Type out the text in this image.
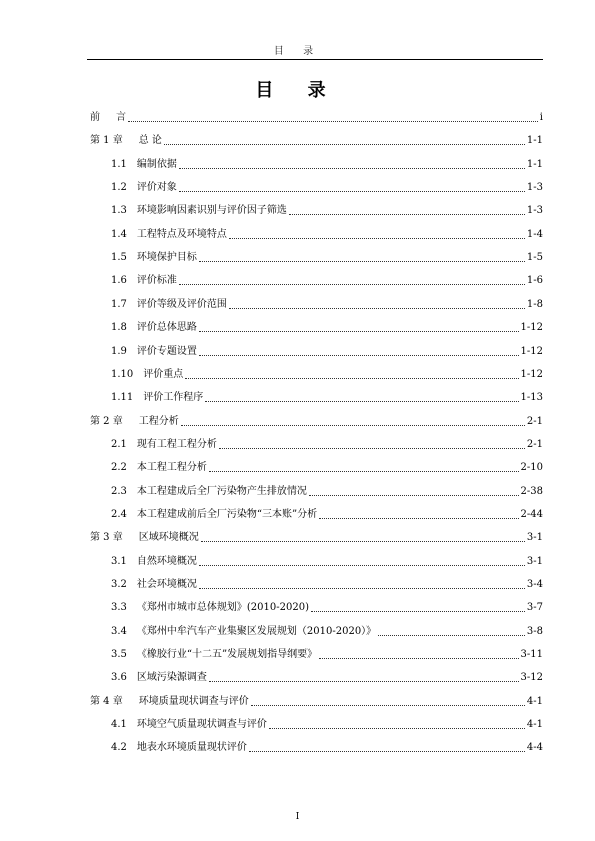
目 录
目 录
前 言	i
第 1 章 总 论	1-1
1.1 编制依据	1-1
1.2 评价对象	1-3
1.3 环境影响因素识别与评价因子筛选	1-3
1.4 工程特点及环境特点	1-4
1.5 环境保护目标	1-5
1.6 评价标准	1-6
1.7 评价等级及评价范围	1-8
1.8 评价总体思路	1-12
1.9 评价专题设置	1-12
1.10 评价重点	1-12
1.11 评价工作程序	1-13
第 2 章 工程分析	2-1
2.1 现有工程工程分析	2-1
2.2 本工程工程分析	2-10
2.3 本工程建成后全厂污染物产生排放情况	2-38
2.4 本工程建成前后全厂污染物“三本账”分析	2-44
第 3 章 区域环境概况	3-1
3.1 自然环境概况	3-1
3.2 社会环境概况	3-4
3.3 《郑州市城市总体规划》(2010-2020)	3-7
3.4 《郑州中牟汽车产业集聚区发展规划（2010-2020）》	3-8
3.5 《橡胶行业“十二五”发展规划指导纲要》	3-11
3.6 区域污染源调查	3-12
第 4 章 环境质量现状调查与评价	4-1
4.1 环境空气质量现状调查与评价	4-1
4.2 地表水环境质量现状评价	4-4
I
